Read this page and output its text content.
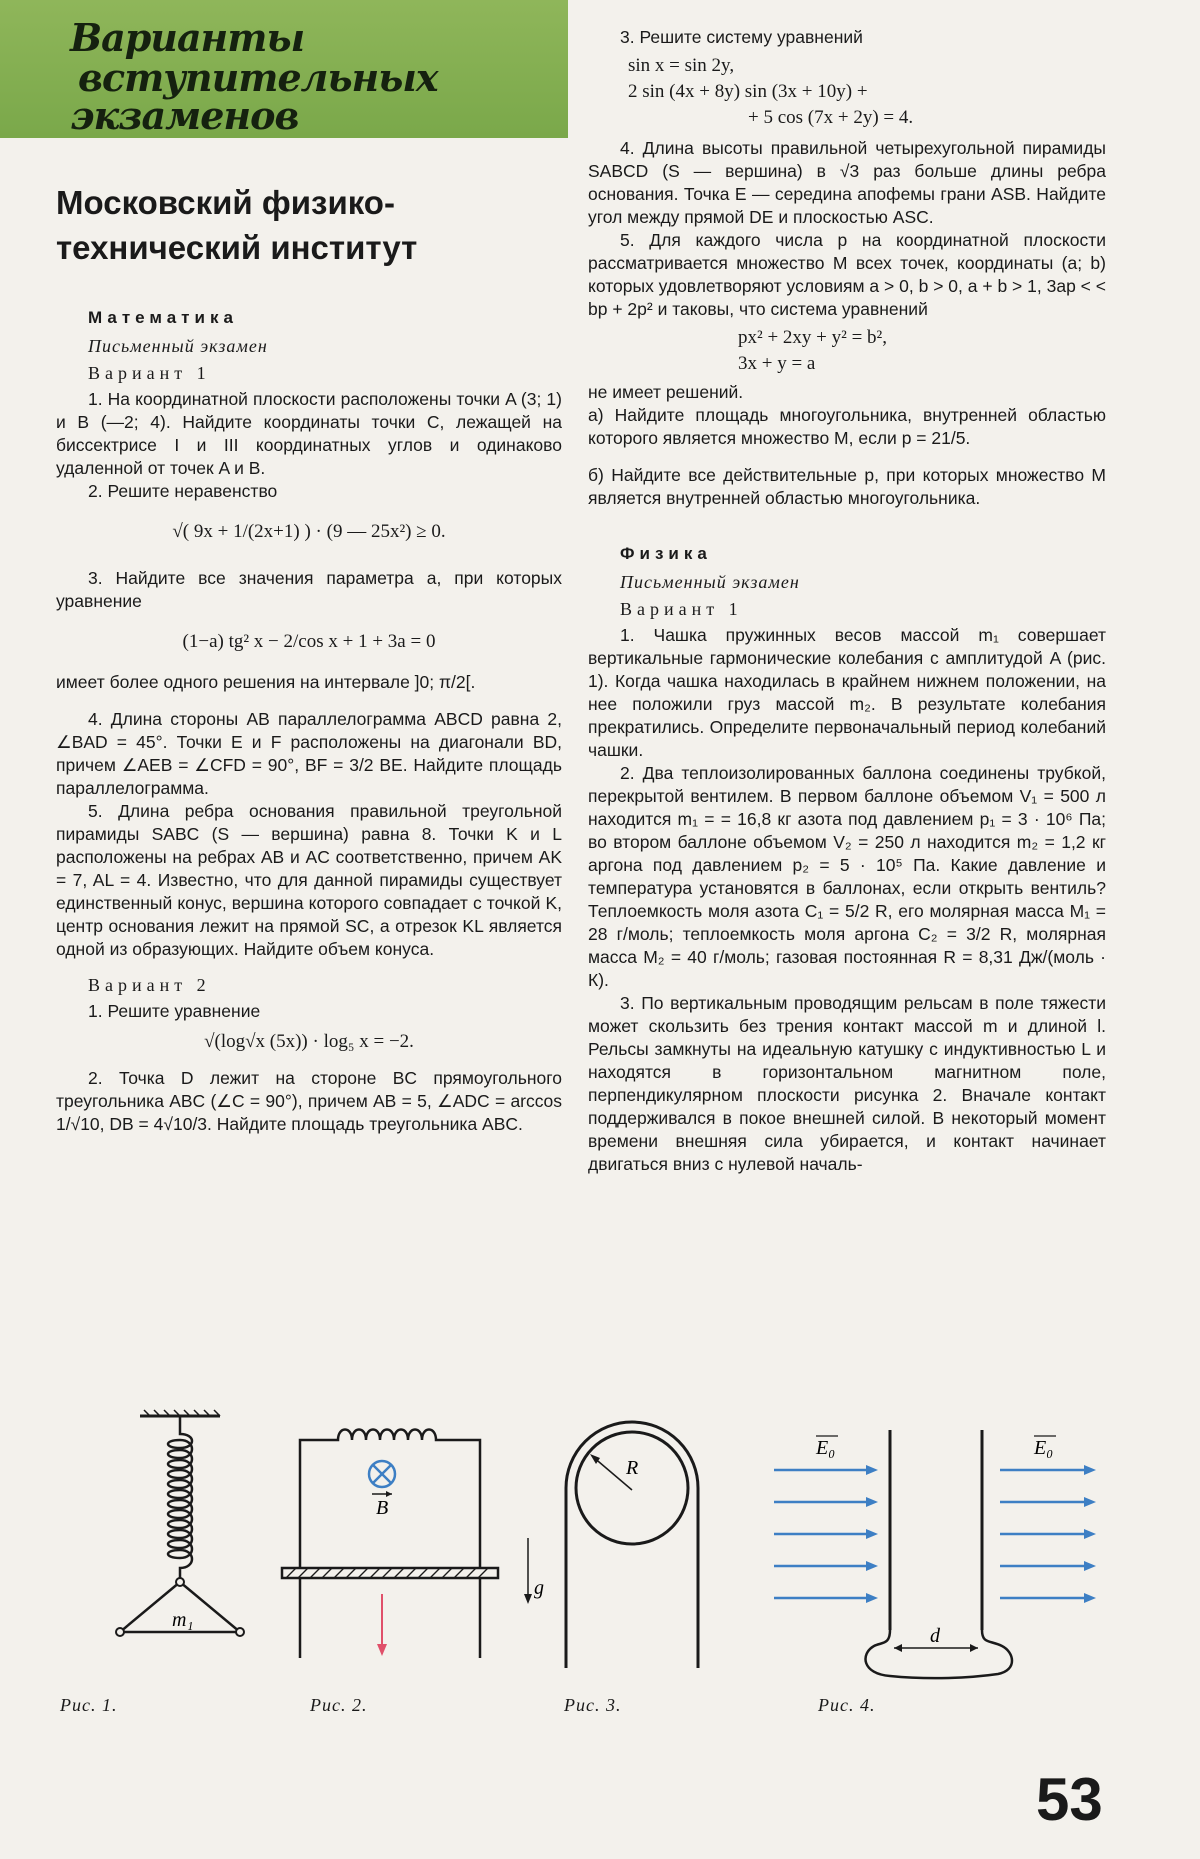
Варианты
вступительных
экзаменов
Московский физико-технический институт
Математика
Письменный экзамен
Вариант 1

1. На координатной плоскости расположены точки A (3; 1) и B (—2; 4). Найдите координаты точки C, лежащей на биссектрисе I и III координатных углов и одинаково удаленной от точек A и B.

2. Решите неравенство

√( 9x + 1/(2x+1) ) · (9 — 25x²) ≥ 0.

3. Найдите все значения параметра a, при которых уравнение

(1−a) tg² x − 2/cos x + 1 + 3a = 0

имеет более одного решения на интервале ]0; π/2[.

4. Длина стороны AB параллелограмма ABCD равна 2, ∠BAD = 45°. Точки E и F расположены на диагонали BD, причем ∠AEB = ∠CFD = 90°, BF = 3/2 BE. Найдите площадь параллелограмма.

5. Длина ребра основания правильной треугольной пирамиды SABC (S — вершина) равна 8. Точки K и L расположены на ребрах AB и AC соответственно, причем AK = 7, AL = 4. Известно, что для данной пирамиды существует единственный конус, вершина которого совпадает с точкой K, центр основания лежит на прямой SC, а отрезок KL является одной из образующих. Найдите объем конуса.

Вариант 2

1. Решите уравнение

√(log√x (5x)) · log₅ x = −2.

2. Точка D лежит на стороне BC прямоугольного треугольника ABC (∠C = 90°), причем AB = 5, ∠ADC = arccos 1/√10, DB = 4√10/3. Найдите площадь треугольника ABC.

3. Решите систему уравнений

sin x = sin 2y,
2 sin (4x + 8y) sin (3x + 10y) +
+ 5 cos (7x + 2y) = 4.

4. Длина высоты правильной четырехугольной пирамиды SABCD (S — вершина) в √3 раз больше длины ребра основания. Точка E — середина апофемы грани ASB. Найдите угол между прямой DE и плоскостью ASC.

5. Для каждого числа p на координатной плоскости рассматривается множество M всех точек, координаты (a; b) которых удовлетворяют условиям a > 0, b > 0, a + b > 1, 3ap < < bp + 2p² и таковы, что система уравнений

px² + 2xy + y² = b²,
3x + y = a

не имеет решений.

а) Найдите площадь многоугольника, внутренней областью которого является множество M, если p = 21/5.

б) Найдите все действительные p, при которых множество M является внутренней областью многоугольника.

Физика
Письменный экзамен
Вариант 1

1. Чашка пружинных весов массой m₁ совершает вертикальные гармонические колебания с амплитудой A (рис. 1). Когда чашка находилась в крайнем нижнем положении, на нее положили груз массой m₂. В результате колебания прекратились. Определите первоначальный период колебаний чашки.

2. Два теплоизолированных баллона соединены трубкой, перекрытой вентилем. В первом баллоне объемом V₁ = 500 л находится m₁ = = 16,8 кг азота под давлением p₁ = 3 · 10⁶ Па; во втором баллоне объемом V₂ = 250 л находится m₂ = 1,2 кг аргона под давлением p₂ = 5 · 10⁵ Па. Какие давление и температура установятся в баллонах, если открыть вентиль? Теплоемкость моля азота C₁ = 5/2 R, его молярная масса M₁ = 28 г/моль; теплоемкость моля аргона C₂ = 3/2 R, молярная масса M₂ = 40 г/моль; газовая постоянная R = 8,31 Дж/(моль · К).

3. По вертикальным проводящим рельсам в поле тяжести может скользить без трения контакт массой m и длиной l. Рельсы замкнуты на идеальную катушку с индуктивностью L и находятся в горизонтальном магнитном поле, перпендикулярном плоскости рисунка 2. Вначале контакт поддерживался в покое внешней силой. В некоторый момент времени внешняя сила убирается, и контакт начинает двигаться вниз с нулевой началь-

m₁
B
R
g
d
E₀	E₀
Рис. 1.	Рис. 2.	Рис. 3.	Рис. 4.
53
